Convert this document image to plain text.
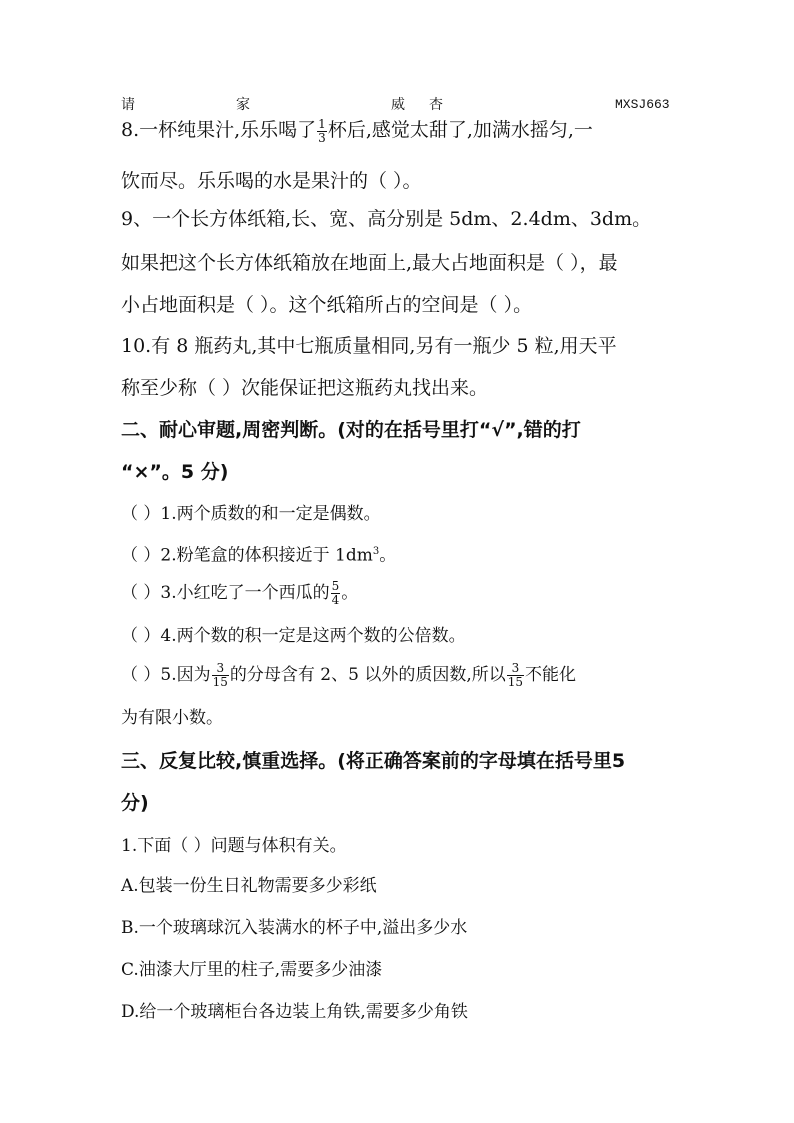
请	家	威 杏	MXSJ663
8.一杯纯果汁,乐乐喝了 $\frac{1}{3}$ 杯后,感觉太甜了,加满水摇匀,一
饮而尽。乐乐喝的水是果汁的（ ）。
9、一个长方体纸箱,长、宽、高分别是 5dm、2.4dm、3dm。
如果把这个长方体纸箱放在地面上,最大占地面积是（ ），最
小占地面积是（ ）。这个纸箱所占的空间是（ ）。
10.有 8 瓶药丸,其中七瓶质量相同,另有一瓶少 5 粒,用天平
称至少称（ ）次能保证把这瓶药丸找出来。
二、耐心审题,周密判断。(对的在括号里打“√”,错的打
“×”。5 分)
（ ）1.两个质数的和一定是偶数。
（ ）2.粉笔盒的体积接近于 $1dm^3$。
（ ）3.小红吃了一个西瓜的 $\frac{5}{4}$ 。
（ ）4.两个数的积一定是这两个数的公倍数。
（ ）5.因为 $\frac{3}{15}$ 的分母含有 2、5 以外的质因数,所以 $\frac{3}{15}$ 不能化
为有限小数。
三、反复比较,慎重选择。(将正确答案前的字母填在括号里5
分)
1.下面（ ）问题与体积有关。
A.包装一份生日礼物需要多少彩纸
B.一个玻璃球沉入装满水的杯子中,溢出多少水
C.油漆大厅里的柱子,需要多少油漆
D.给一个玻璃柜台各边装上角铁,需要多少角铁
